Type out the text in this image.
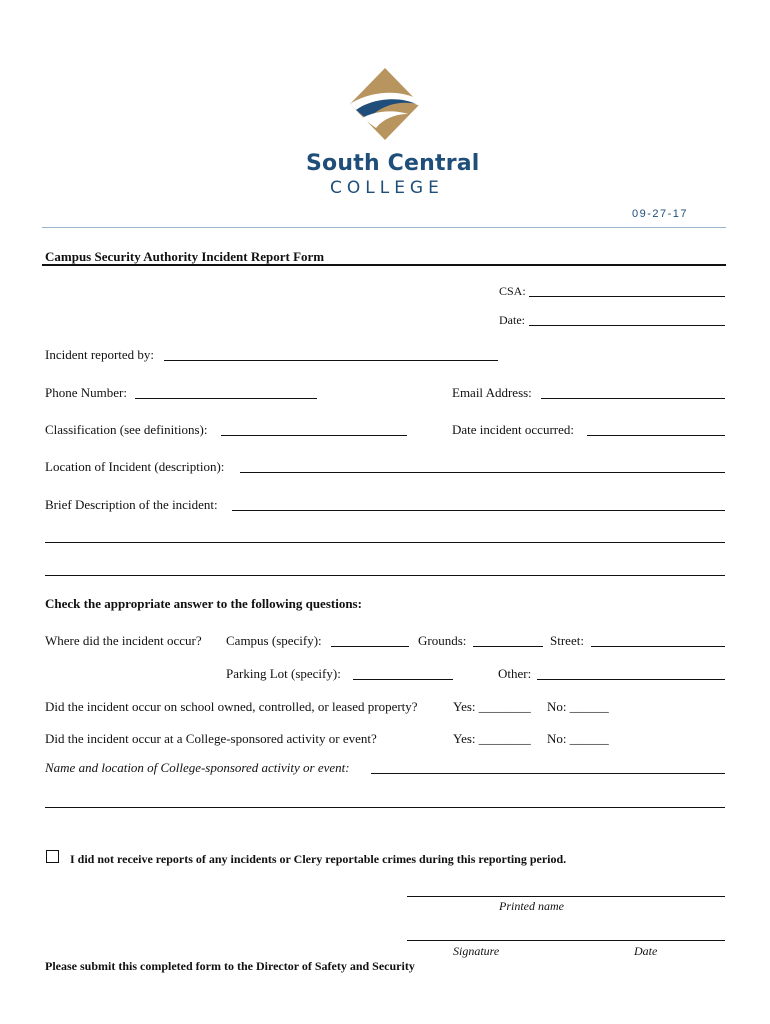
South Central
COLLEGE
09-27-17
Campus Security Authority Incident Report Form
CSA:
Date:
Incident reported by:
Phone Number:	Email Address:
Classification (see definitions):	Date incident occurred:
Location of Incident (description):
Brief Description of the incident:
Check the appropriate answer to the following questions:
Where did the incident occur? Campus (specify):	Grounds:	Street:
Parking Lot (specify):	Other:
Did the incident occur on school owned, controlled, or leased property?	Yes: ________ No: ______
Did the incident occur at a College-sponsored activity or event?	Yes: ________ No: ______
Name and location of College-sponsored activity or event:
I did not receive reports of any incidents or Clery reportable crimes during this reporting period.
Printed name
Signature	Date
Please submit this completed form to the Director of Safety and Security
